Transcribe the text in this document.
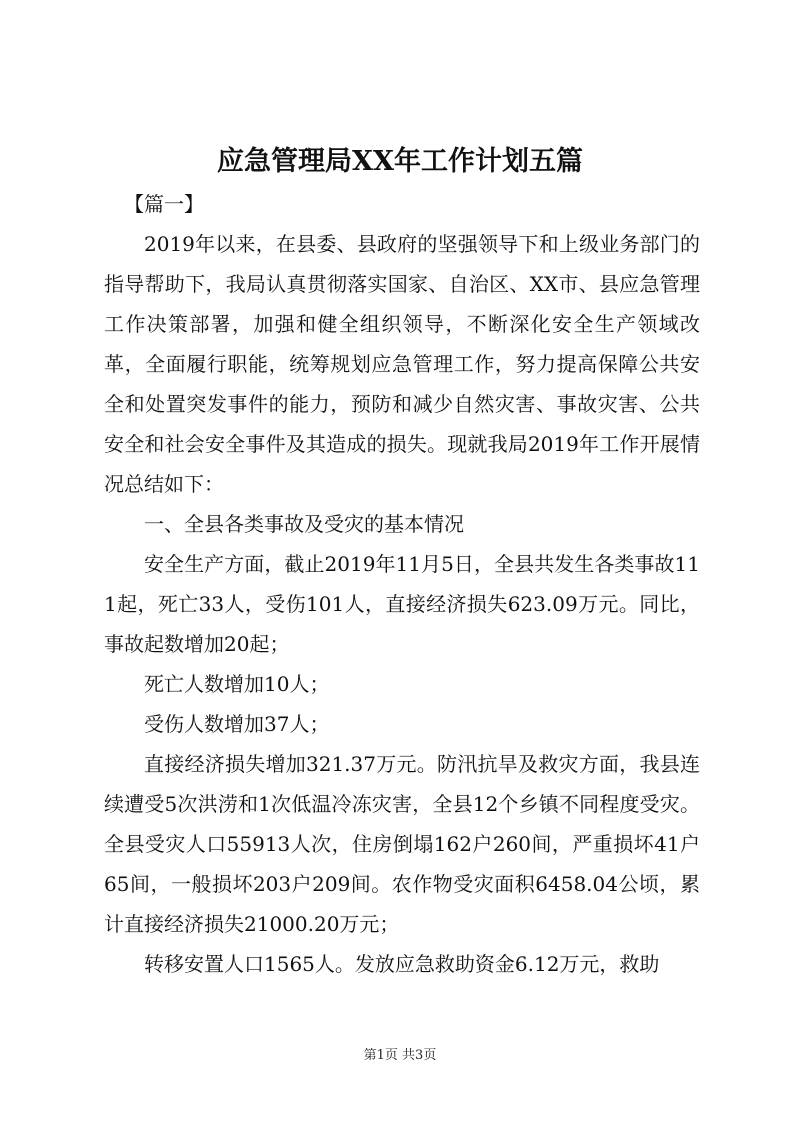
应急管理局XX年工作计划五篇

【篇一】

2019年以来，在县委、县政府的坚强领导下和上级业务部门的指导帮助下，我局认真贯彻落实国家、自治区、XX市、县应急管理工作决策部署，加强和健全组织领导，不断深化安全生产领域改革，全面履行职能，统筹规划应急管理工作，努力提高保障公共安全和处置突发事件的能力，预防和减少自然灾害、事故灾害、公共安全和社会安全事件及其造成的损失。现就我局2019年工作开展情况总结如下：

一、全县各类事故及受灾的基本情况

安全生产方面，截止2019年11月5日，全县共发生各类事故111起，死亡33人，受伤101人，直接经济损失623.09万元。同比，事故起数增加20起；

死亡人数增加10人；

受伤人数增加37人；

直接经济损失增加321.37万元。防汛抗旱及救灾方面，我县连续遭受5次洪涝和1次低温冷冻灾害，全县12个乡镇不同程度受灾。全县受灾人口55913人次，住房倒塌162户260间，严重损坏41户65间，一般损坏203户209间。农作物受灾面积6458.04公顷，累计直接经济损失21000.20万元；

转移安置人口1565人。发放应急救助资金6.12万元，救助

第1页 共3页
